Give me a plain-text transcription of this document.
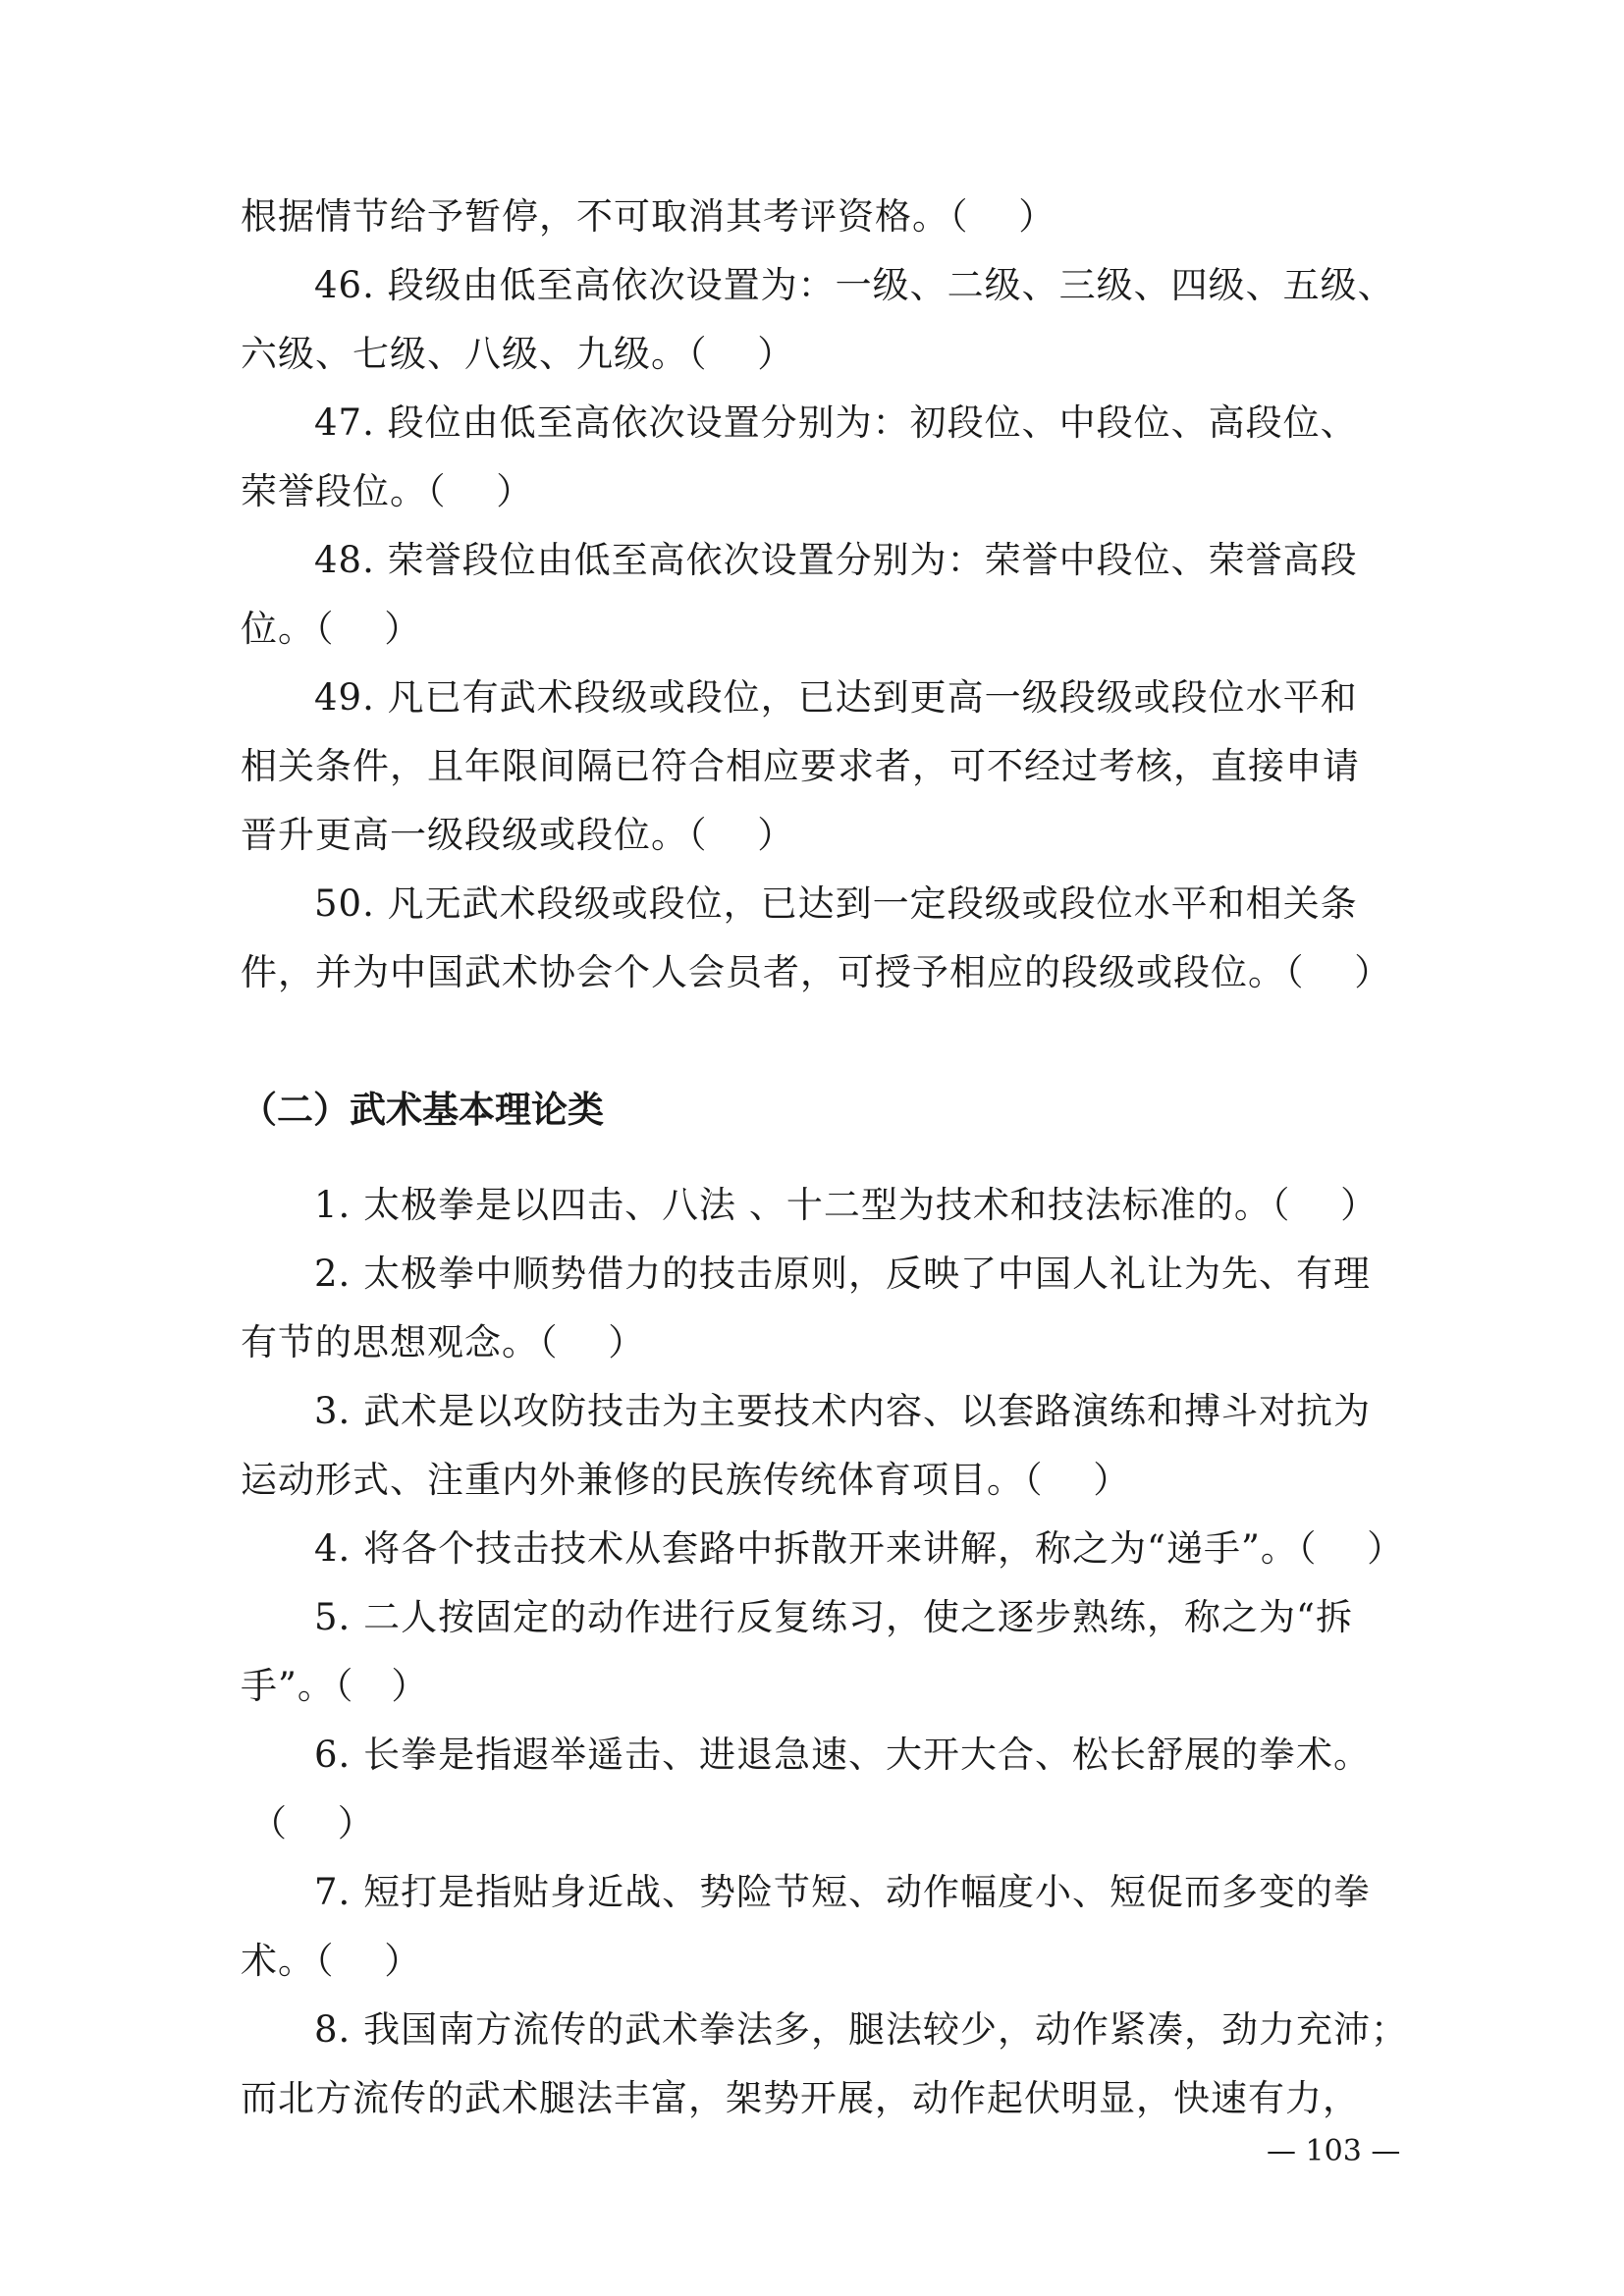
根据情节给予暂停，不可取消其考评资格。（　 ）
46. 段级由低至高依次设置为：一级、二级、三级、四级、五级、
六级、七级、八级、九级。（　 ）
47. 段位由低至高依次设置分别为：初段位、中段位、高段位、
荣誉段位。（　 ）
48. 荣誉段位由低至高依次设置分别为：荣誉中段位、荣誉高段
位。（　 ）
49. 凡已有武术段级或段位，已达到更高一级段级或段位水平和
相关条件，且年限间隔已符合相应要求者，可不经过考核，直接申请
晋升更高一级段级或段位。（　 ）
50. 凡无武术段级或段位，已达到一定段级或段位水平和相关条
件，并为中国武术协会个人会员者，可授予相应的段级或段位。（　 ）
（二）武术基本理论类
1. 太极拳是以四击、八法 、十二型为技术和技法标准的。（　 ）
2. 太极拳中顺势借力的技击原则，反映了中国人礼让为先、有理
有节的思想观念。（　 ）
3. 武术是以攻防技击为主要技术内容、以套路演练和搏斗对抗为
运动形式、注重内外兼修的民族传统体育项目。（　 ）
4. 将各个技击技术从套路中拆散开来讲解，称之为“递手”。（　 ）
5. 二人按固定的动作进行反复练习，使之逐步熟练，称之为“拆
手”。（　）
6. 长拳是指遐举遥击、进退急速、大开大合、松长舒展的拳术。
（　 ）
7. 短打是指贴身近战、势险节短、动作幅度小、短促而多变的拳
术。（　 ）
8. 我国南方流传的武术拳法多，腿法较少，动作紧凑，劲力充沛；
而北方流传的武术腿法丰富，架势开展，动作起伏明显，快速有力，
— 103 —
